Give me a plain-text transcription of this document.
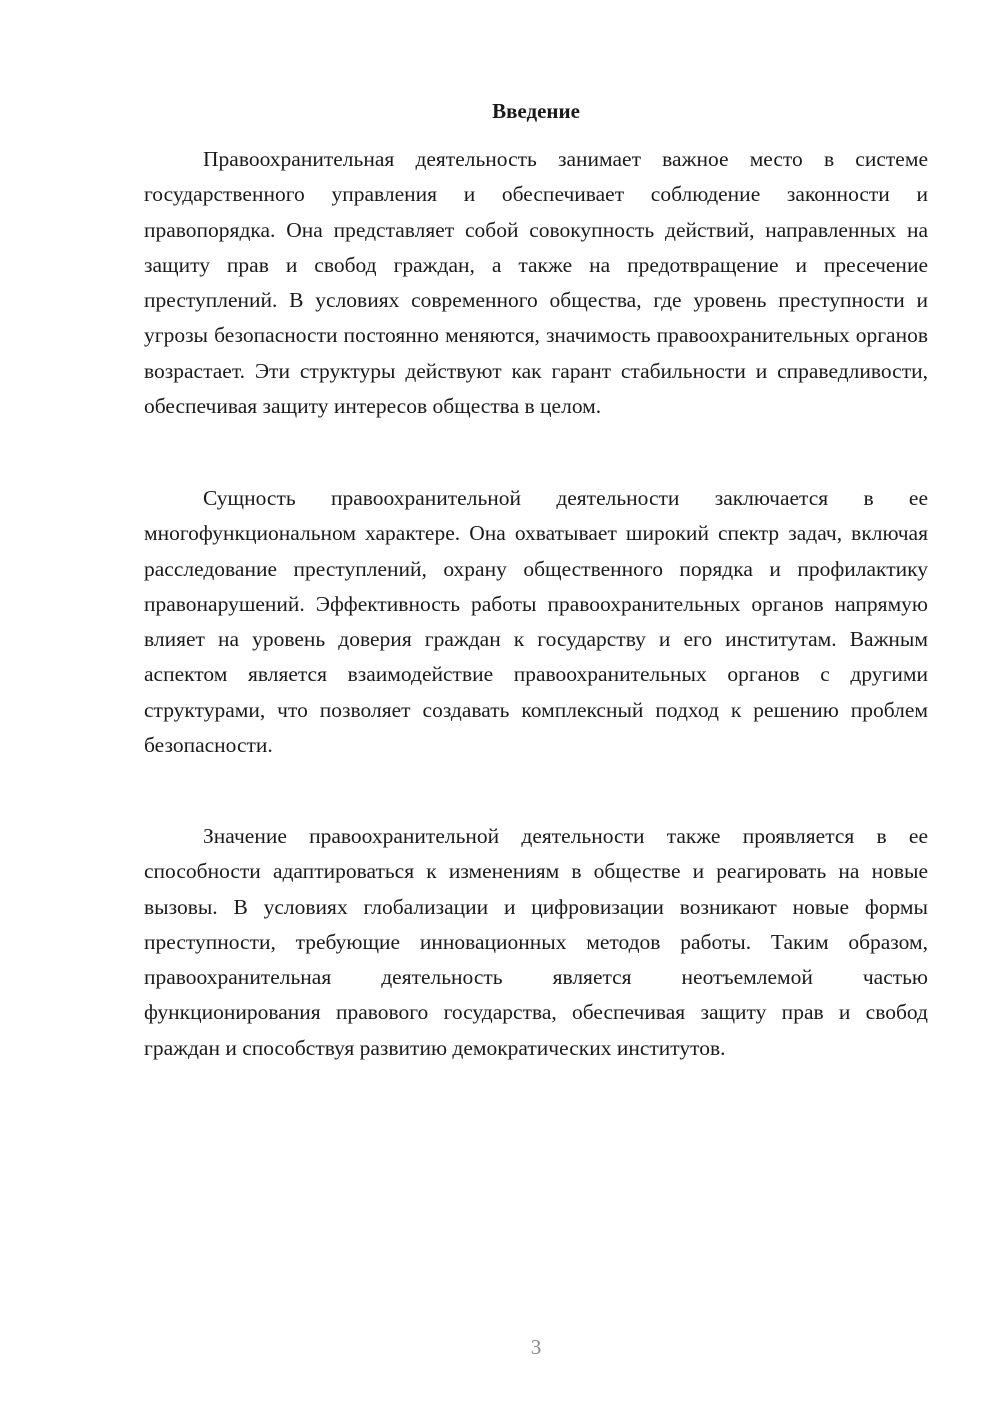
Введение

Правоохранительная деятельность занимает важное место в системе государственного управления и обеспечивает соблюдение законности и правопорядка. Она представляет собой совокупность действий, направленных на защиту прав и свобод граждан, а также на предотвращение и пресечение преступлений. В условиях современного общества, где уровень преступности и угрозы безопасности постоянно меняются, значимость правоохранительных органов возрастает. Эти структуры действуют как гарант стабильности и справедливости, обеспечивая защиту интересов общества в целом.

Сущность правоохранительной деятельности заключается в ее многофункциональном характере. Она охватывает широкий спектр задач, включая расследование преступлений, охрану общественного порядка и профилактику правонарушений. Эффективность работы правоохранительных органов напрямую влияет на уровень доверия граждан к государству и его институтам. Важным аспектом является взаимодействие правоохранительных органов с другими структурами, что позволяет создавать комплексный подход к решению проблем безопасности.

Значение правоохранительной деятельности также проявляется в ее способности адаптироваться к изменениям в обществе и реагировать на новые вызовы. В условиях глобализации и цифровизации возникают новые формы преступности, требующие инновационных методов работы. Таким образом, правоохранительная деятельность является неотъемлемой частью функционирования правового государства, обеспечивая защиту прав и свобод граждан и способствуя развитию демократических институтов.

3
